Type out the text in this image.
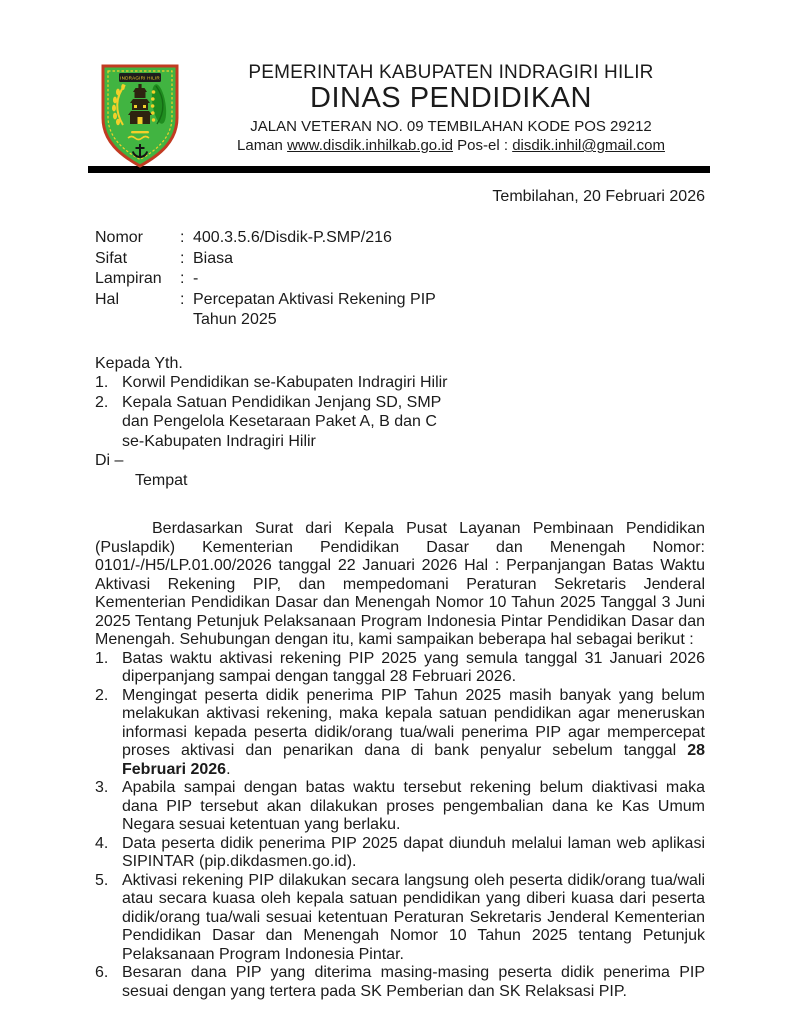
INDRAGIRI HILIR	PEMERINTAH KABUPATEN INDRAGIRI HILIR
DINAS PENDIDIKAN
JALAN VETERAN NO. 09 TEMBILAHAN KODE POS 29212
Laman www.disdik.inhilkab.go.id Pos-el : disdik.inhil@gmail.com
Tembilahan, 20 Februari 2026
Nomor	: 400.3.5.6/Disdik-P.SMP/216
Sifat	: Biasa
Lampiran	: -
Hal	: Percepatan Aktivasi Rekening PIP Tahun 2025
Kepada Yth.
1. Korwil Pendidikan se-Kabupaten Indragiri Hilir
2. Kepala Satuan Pendidikan Jenjang SD, SMP dan Pengelola Kesetaraan Paket A, B dan C se-Kabupaten Indragiri Hilir
Di –
Tempat

Berdasarkan Surat dari Kepala Pusat Layanan Pembinaan Pendidikan (Puslapdik) Kementerian Pendidikan Dasar dan Menengah Nomor: 0101/-/H5/LP.01.00/2026 tanggal 22 Januari 2026 Hal : Perpanjangan Batas Waktu Aktivasi Rekening PIP, dan mempedomani Peraturan Sekretaris Jenderal Kementerian Pendidikan Dasar dan Menengah Nomor 10 Tahun 2025 Tanggal 3 Juni 2025 Tentang Petunjuk Pelaksanaan Program Indonesia Pintar Pendidikan Dasar dan Menengah. Sehubungan dengan itu, kami sampaikan beberapa hal sebagai berikut :

1. Batas waktu aktivasi rekening PIP 2025 yang semula tanggal 31 Januari 2026 diperpanjang sampai dengan tanggal 28 Februari 2026.
2. Mengingat peserta didik penerima PIP Tahun 2025 masih banyak yang belum melakukan aktivasi rekening, maka kepala satuan pendidikan agar meneruskan informasi kepada peserta didik/orang tua/wali penerima PIP agar mempercepat proses aktivasi dan penarikan dana di bank penyalur sebelum tanggal 28 Februari 2026.
3. Apabila sampai dengan batas waktu tersebut rekening belum diaktivasi maka dana PIP tersebut akan dilakukan proses pengembalian dana ke Kas Umum Negara sesuai ketentuan yang berlaku.
4. Data peserta didik penerima PIP 2025 dapat diunduh melalui laman web aplikasi SIPINTAR (pip.dikdasmen.go.id).
5. Aktivasi rekening PIP dilakukan secara langsung oleh peserta didik/orang tua/wali atau secara kuasa oleh kepala satuan pendidikan yang diberi kuasa dari peserta didik/orang tua/wali sesuai ketentuan Peraturan Sekretaris Jenderal Kementerian Pendidikan Dasar dan Menengah Nomor 10 Tahun 2025 tentang Petunjuk Pelaksanaan Program Indonesia Pintar.
6. Besaran dana PIP yang diterima masing-masing peserta didik penerima PIP sesuai dengan yang tertera pada SK Pemberian dan SK Relaksasi PIP.
